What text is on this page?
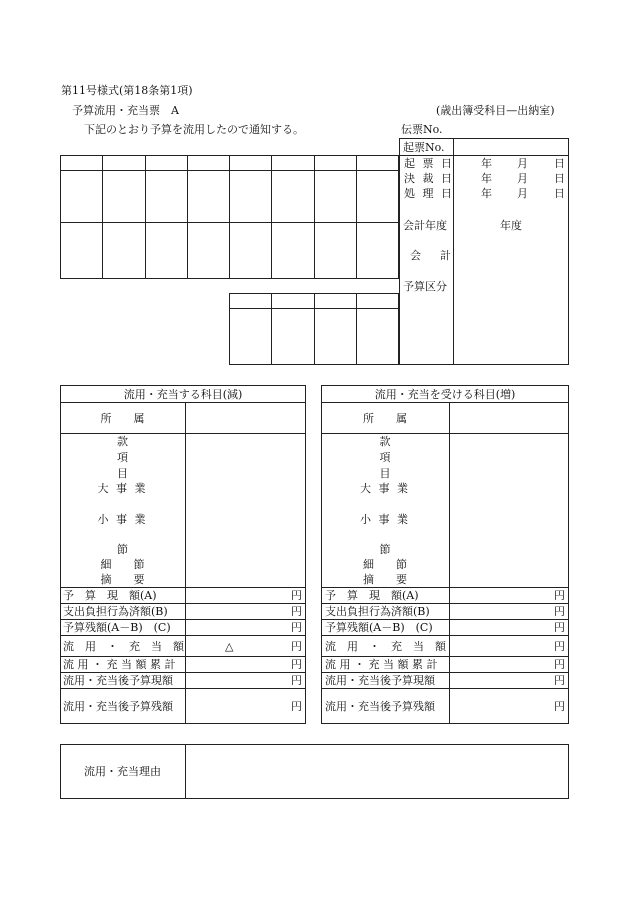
第11号様式(第18条第1項)
予算流用・充当票　A	(歳出簿受科目—出納室)
下記のとおり予算を流用したので通知する。	伝票No.

起票No.
起 票 日 年 月 日
決 裁 日 年 月 日
処 理 日 年 月 日
会計年度	年度
会　計
予算区分
流用・充当する科目(減)
所　　属
款
項
目
大 事 業
小 事 業
節
細　　節
摘　　要
予　算　現　額(A)	円
支出負担行為済額(B)	円
予算残額(A－B)　(C)	円
流　用　・　充　当　額	△	円
流 用 ・ 充 当 額 累 計	円
流用・充当後予算現額	円
流用・充当後予算残額	円
流用・充当を受ける科目(増)
所　　属
款
項
目
大 事 業
小 事 業
節
細　　節
摘　　要
予　算　現　額(A)	円
支出負担行為済額(B)	円
予算残額(A－B)　(C)	円
流　用　・　充　当　額	円
流 用 ・ 充 当 額 累 計	円
流用・充当後予算現額	円
流用・充当後予算残額	円
流用・充当理由
